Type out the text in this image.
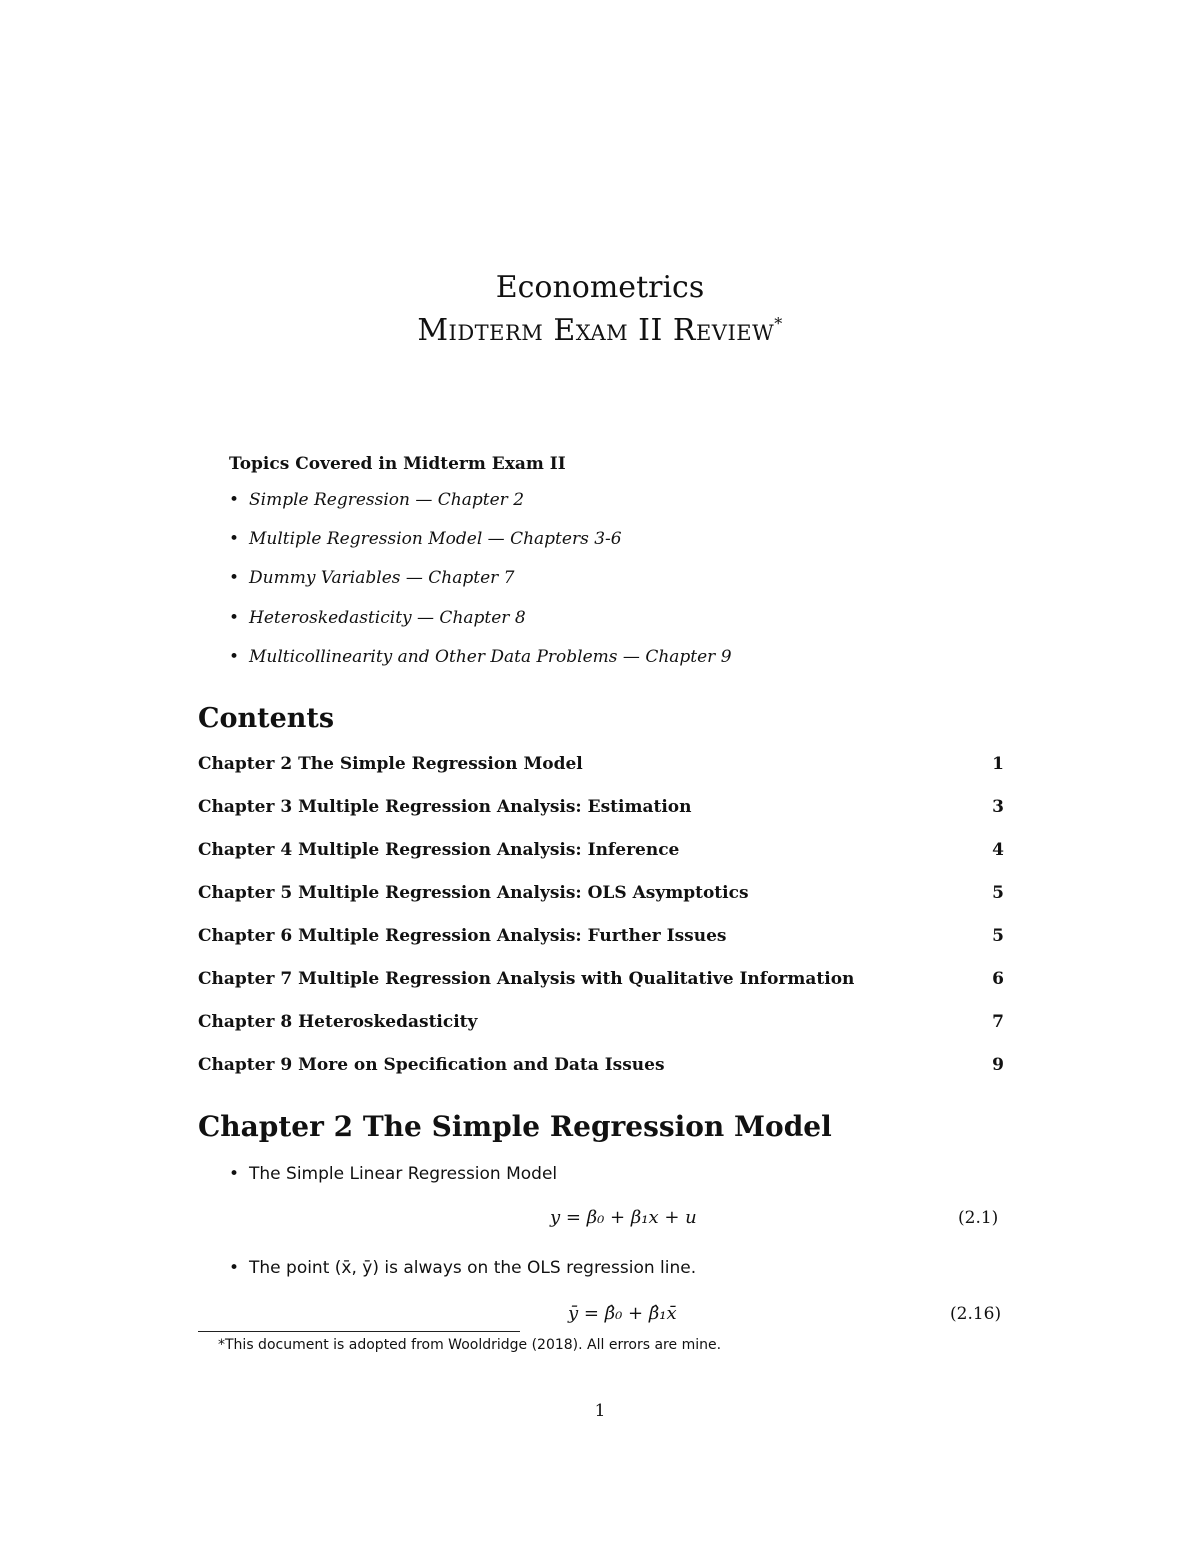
Econometrics
Midterm Exam II Review*
Topics Covered in Midterm Exam II
• Simple Regression — Chapter 2
• Multiple Regression Model — Chapters 3-6
• Dummy Variables — Chapter 7
• Heteroskedasticity — Chapter 8
• Multicollinearity and Other Data Problems — Chapter 9
Contents
Chapter 2 The Simple Regression Model	1
Chapter 3 Multiple Regression Analysis: Estimation	3
Chapter 4 Multiple Regression Analysis: Inference	4
Chapter 5 Multiple Regression Analysis: OLS Asymptotics	5
Chapter 6 Multiple Regression Analysis: Further Issues	5
Chapter 7 Multiple Regression Analysis with Qualitative Information	6
Chapter 8 Heteroskedasticity	7
Chapter 9 More on Specification and Data Issues	9
Chapter 2 The Simple Regression Model
• The Simple Linear Regression Model
y = β₀ + β₁x + u	(2.1)
• The point (x̄, ȳ) is always on the OLS regression line.
ȳ = β̂₀ + β̂₁x̄	(2.16)
*This document is adopted from Wooldridge (2018). All errors are mine.
1
